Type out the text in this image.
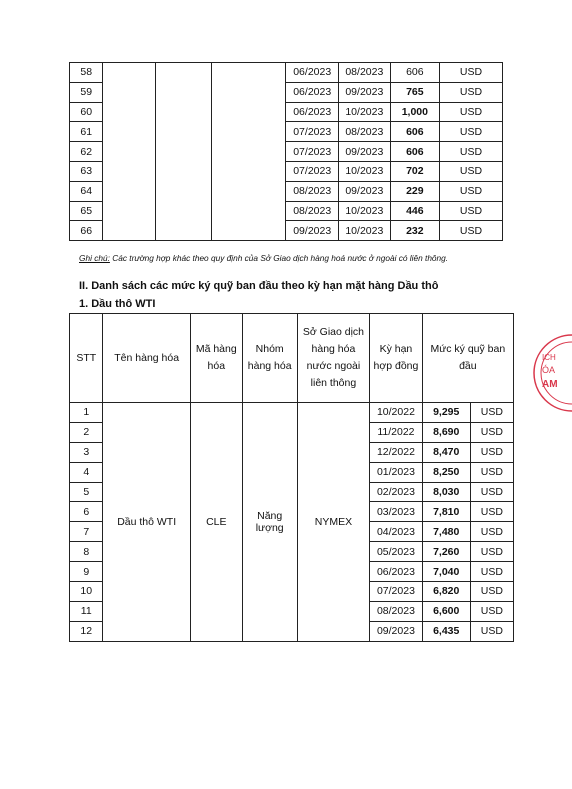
58				06/2023	08/2023	606	USD
59				06/2023	09/2023	765	USD
60				06/2023	10/2023	1,000	USD
61				07/2023	08/2023	606	USD
62				07/2023	09/2023	606	USD
63				07/2023	10/2023	702	USD
64				08/2023	09/2023	229	USD
65				08/2023	10/2023	446	USD
66				09/2023	10/2023	232	USD
Ghi chú: Các trường hợp khác theo quy định của Sở Giao dịch hàng hoá nước ở ngoài có liên thông.
II. Danh sách các mức ký quỹ ban đầu theo kỳ hạn mặt hàng Dầu thô
1. Dầu thô WTI
STT	Tên hàng hóa	Mã hàng hóa	Nhóm hàng hóa	Sở Giao dịch hàng hóa nước ngoài liên thông	Kỳ hạn hợp đồng	Mức ký quỹ ban đầu	
1	Dầu thô WTI	CLE	Năng lượng	NYMEX	10/2022	9,295	USD
2					11/2022	8,690	USD
3					12/2022	8,470	USD
4					01/2023	8,250	USD
5					02/2023	8,030	USD
6					03/2023	7,810	USD
7					04/2023	7,480	USD
8					05/2023	7,260	USD
9					06/2023	7,040	USD
10					07/2023	6,820	USD
11					08/2023	6,600	USD
12					09/2023	6,435	USD
ICH
ÓA
AM
